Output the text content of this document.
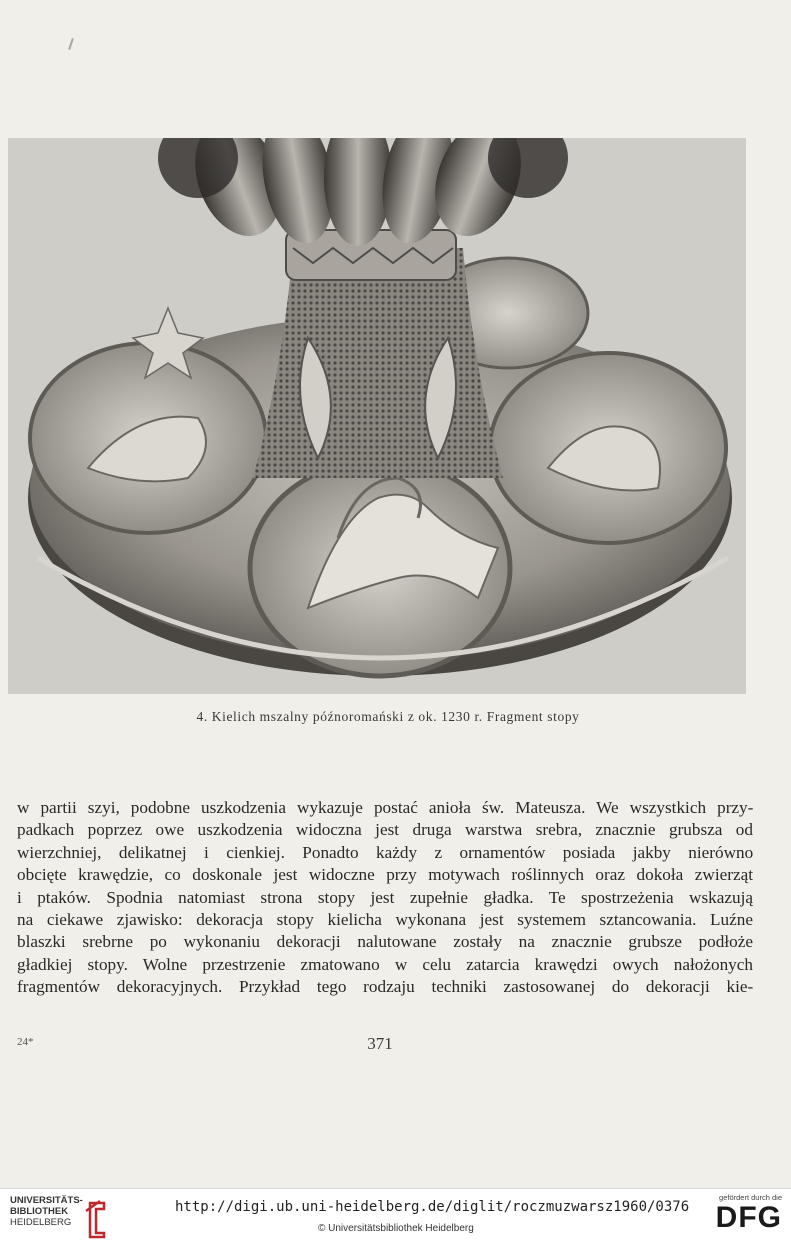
4. Kielich mszalny późnoromański z ok. 1230 r. Fragment stopy

w partii szyi, podobne uszkodzenia wykazuje postać anioła św. Mateusza. We wszystkich przy-

padkach poprzez owe uszkodzenia widoczna jest druga warstwa srebra, znacznie grubsza od

wierzchniej, delikatnej i cienkiej. Ponadto każdy z ornamentów posiada jakby nierówno

obcięte krawędzie, co doskonale jest widoczne przy motywach roślinnych oraz dokoła zwierząt

i ptaków. Spodnia natomiast strona stopy jest zupełnie gładka. Te spostrzeżenia wskazują

na ciekawe zjawisko: dekoracja stopy kielicha wykonana jest systemem sztancowania. Luźne

blaszki srebrne po wykonaniu dekoracji nalutowane zostały na znacznie grubsze podłoże

gładkiej stopy. Wolne przestrzenie zmatowano w celu zatarcia krawędzi owych nałożonych

fragmentów dekoracyjnych. Przykład tego rodzaju techniki zastosowanej do dekoracji kie-

24*	371
UNIVERSITÄTS-
BIBLIOTHEK
HEIDELBERG
http://digi.ub.uni-heidelberg.de/diglit/roczmuzwarsz1960/0376
© Universitätsbibliothek Heidelberg
gefördert durch die
DFG
